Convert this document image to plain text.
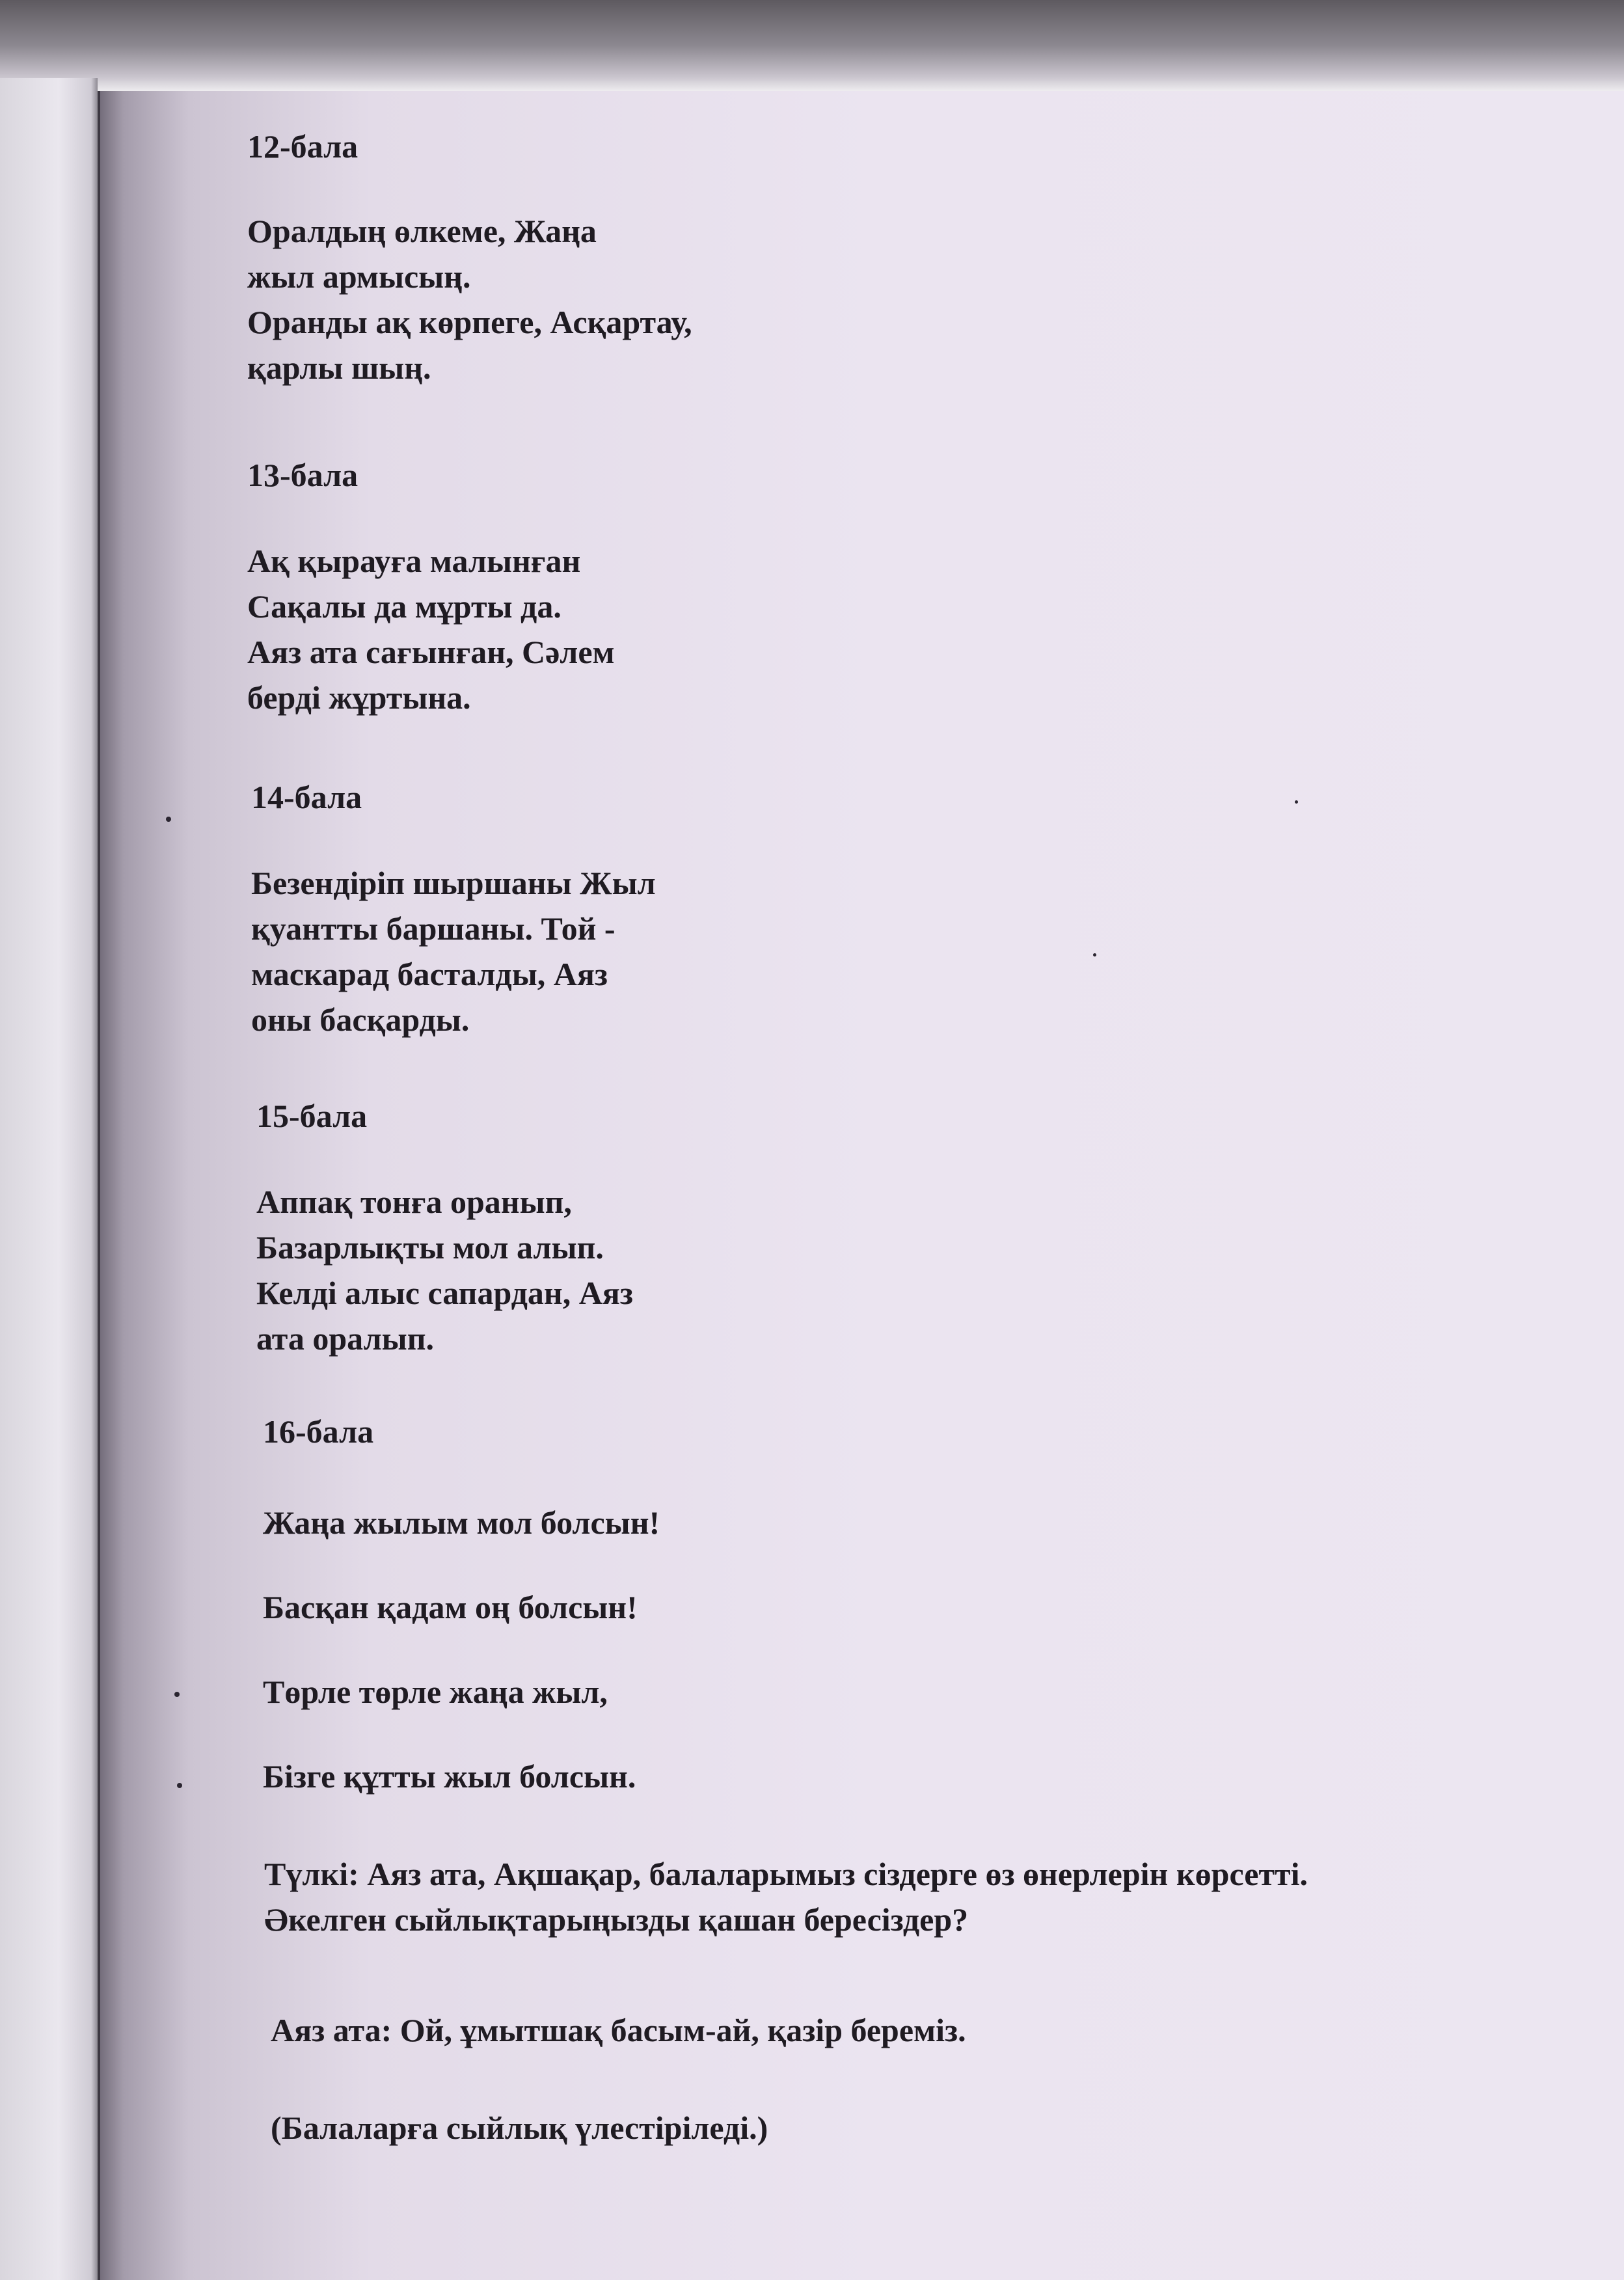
12-бала

Оралдың өлкеме, Жаңа
жыл армысың.
Оранды ақ көрпеге, Асқартау,
қарлы шың.

13-бала

Ақ қырауға малынған
Сақалы да мұрты да.
Аяз ата сағынған, Сәлем
берді жұртына.

14-бала

Безендіріп шыршаны Жыл
қуантты баршаны. Той -
маскарад басталды, Аяз
оны басқарды.

15-бала

Аппақ тонға оранып,
Базарлықты мол алып.
Келді алыс сапардан, Аяз
ата оралып.

16-бала

Жаңа жылым мол болсын!

Басқан қадам оң болсын!

Төрле төрле жаңа жыл,

Бізге құтты жыл болсын.

Түлкі: Аяз ата, Ақшақар, балаларымыз сіздерге өз өнерлерін көрсетті.
Әкелген сыйлықтарыңызды қашан бересіздер?
Аяз ата: Ой, ұмытшақ басым-ай, қазір береміз.
(Балаларға сыйлық үлестіріледі.)
